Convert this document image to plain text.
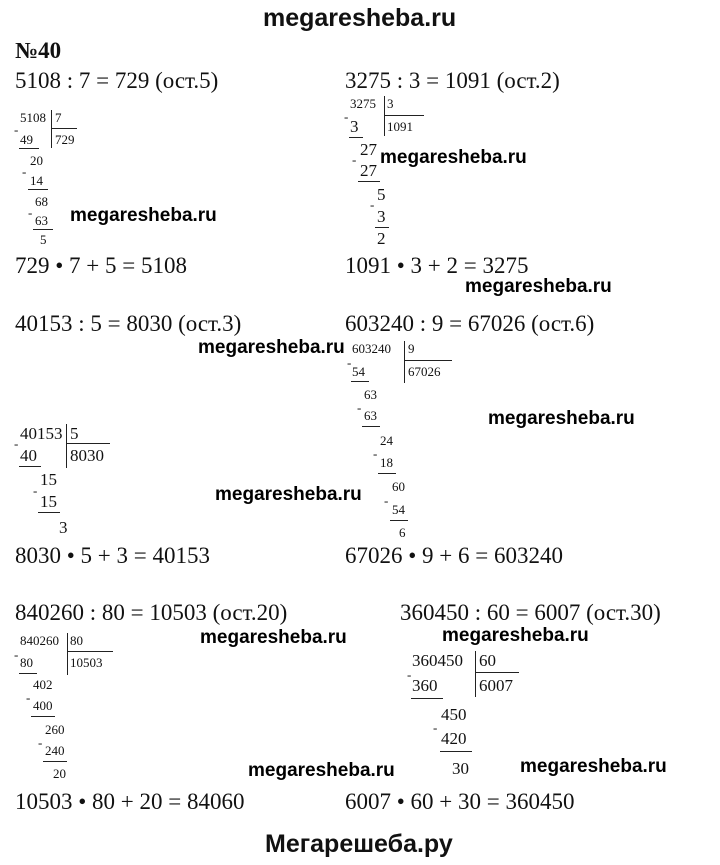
megaresheba.ru
Мегарешеба.ру
№40
5108 : 7 = 729 (ост.5)
5108 7
729
-
49
20
-
14
68
-
63
5
729 • 7 + 5 = 5108
3275 : 3 = 1091 (ост.2)
3275 3
1091
-
3
27
-
27
5
-
3
2
1091 • 3 + 2 = 3275
40153 : 5 = 8030 (ост.3)
40153 5
8030
-
40
15
-
15
3
8030 • 5 + 3 = 40153
603240 : 9 = 67026 (ост.6)
603240 9
67026
-
54
63
-
63
24
-
18
60
-
54
6
67026 • 9 + 6 = 603240
840260 : 80 = 10503 (ост.20)
840260 80
10503
-
80
402
-
400
260
-
240
20
10503 • 80 + 20 = 84060
360450 : 60 = 6007 (ост.30)
360450 60
6007
-
360
450
-
420
30
6007 • 60 + 30 = 360450
megaresheba.ru
megaresheba.ru
megaresheba.ru
megaresheba.ru
megaresheba.ru
megaresheba.ru
megaresheba.ru	megaresheba.ru
megaresheba.ru	megaresheba.ru
